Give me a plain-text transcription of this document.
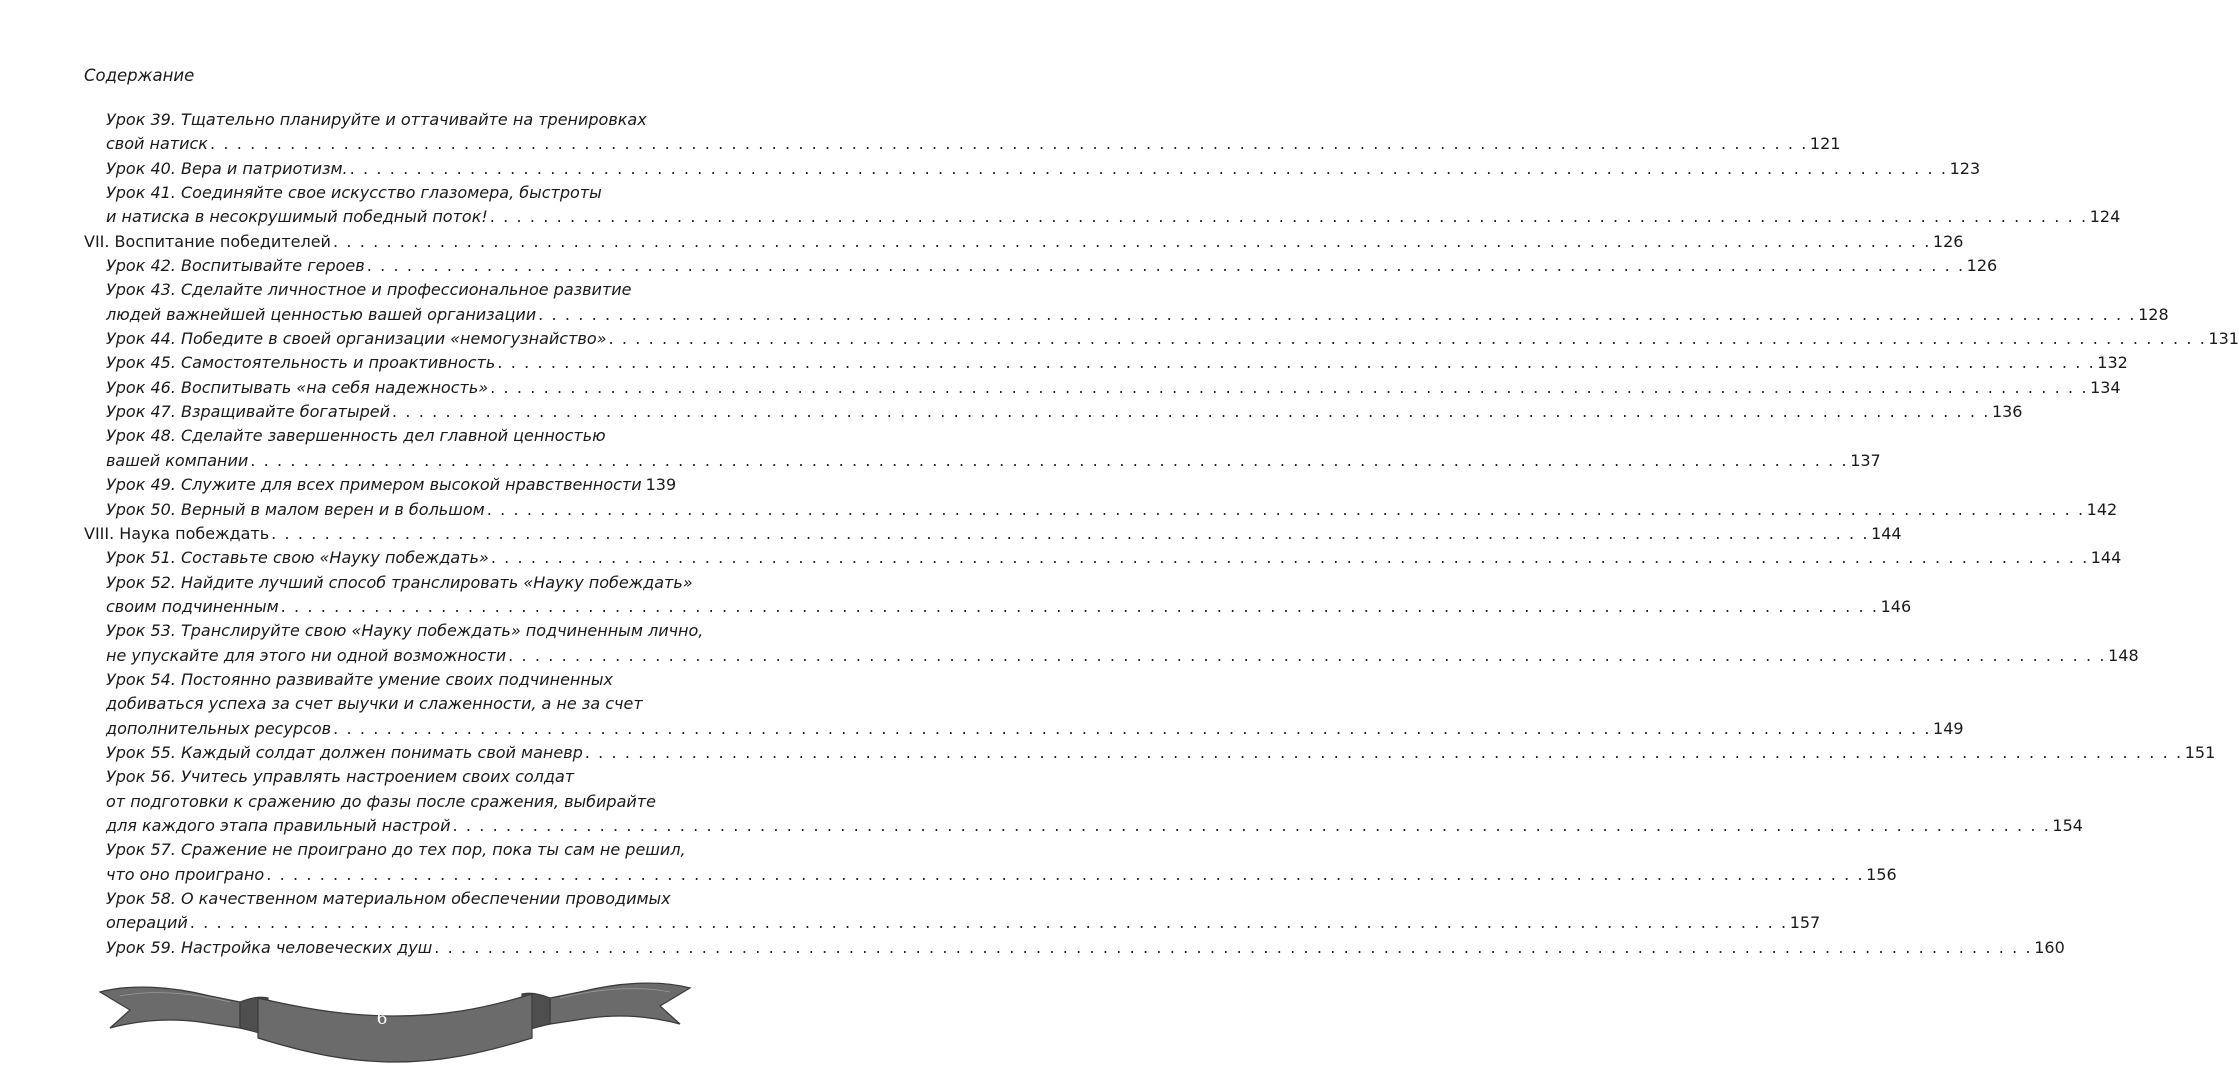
Содержание
Урок 39. Тщательно планируйте и оттачивайте на тренировках
свой натиск . . . . . . . . . . . . . . . . . . . . . . . . . . . . . . . . . . . . . . . . . . . . . . . . . . . . . . . . . . . . . . . . . . . . . . . . . . . . . . . . . . . . . . . . . . . . . . . . . . . . . . . . . . . . . . . . . . . . . . . . 121
Урок 40. Вера и патриотизм. . . . . . . . . . . . . . . . . . . . . . . . . . . . . . . . . . . . . . . . . . . . . . . . . . . . . . . . . . . . . . . . . . . . . . . . . . . . . . . . . . . . . . . . . . . . . . . . . . . . . . . . . . . . . . . . . . . . . . . . . 123
Урок 41. Соединяйте свое искусство глазомера, быстроты
и натиска в несокрушимый победный поток! . . . . . . . . . . . . . . . . . . . . . . . . . . . . . . . . . . . . . . . . . . . . . . . . . . . . . . . . . . . . . . . . . . . . . . . . . . . . . . . . . . . . . . . . . . . . . . . . . . . . . . . . . . . . . . . . . . . . . . . . 124
VII. Воспитание победителей . . . . . . . . . . . . . . . . . . . . . . . . . . . . . . . . . . . . . . . . . . . . . . . . . . . . . . . . . . . . . . . . . . . . . . . . . . . . . . . . . . . . . . . . . . . . . . . . . . . . . . . . . . . . . . . . . . . . . . . . 126
Урок 42. Воспитывайте героев . . . . . . . . . . . . . . . . . . . . . . . . . . . . . . . . . . . . . . . . . . . . . . . . . . . . . . . . . . . . . . . . . . . . . . . . . . . . . . . . . . . . . . . . . . . . . . . . . . . . . . . . . . . . . . . . . . . . . . . . 126
Урок 43. Сделайте личностное и профессиональное развитие
людей важнейшей ценностью вашей организации . . . . . . . . . . . . . . . . . . . . . . . . . . . . . . . . . . . . . . . . . . . . . . . . . . . . . . . . . . . . . . . . . . . . . . . . . . . . . . . . . . . . . . . . . . . . . . . . . . . . . . . . . . . . . . . . . . . . . . . . 128
Урок 44. Победите в своей организации «немогузнайство» . . . . . . . . . . . . . . . . . . . . . . . . . . . . . . . . . . . . . . . . . . . . . . . . . . . . . . . . . . . . . . . . . . . . . . . . . . . . . . . . . . . . . . . . . . . . . . . . . . . . . . . . . . . . . . . . . . . . . . . . 131
Урок 45. Самостоятельность и проактивность . . . . . . . . . . . . . . . . . . . . . . . . . . . . . . . . . . . . . . . . . . . . . . . . . . . . . . . . . . . . . . . . . . . . . . . . . . . . . . . . . . . . . . . . . . . . . . . . . . . . . . . . . . . . . . . . . . . . . . . . 132
Урок 46. Воспитывать «на себя надежность» . . . . . . . . . . . . . . . . . . . . . . . . . . . . . . . . . . . . . . . . . . . . . . . . . . . . . . . . . . . . . . . . . . . . . . . . . . . . . . . . . . . . . . . . . . . . . . . . . . . . . . . . . . . . . . . . . . . . . . . . 134
Урок 47. Взращивайте богатырей . . . . . . . . . . . . . . . . . . . . . . . . . . . . . . . . . . . . . . . . . . . . . . . . . . . . . . . . . . . . . . . . . . . . . . . . . . . . . . . . . . . . . . . . . . . . . . . . . . . . . . . . . . . . . . . . . . . . . . . . 136
Урок 48. Сделайте завершенность дел главной ценностью
вашей компании . . . . . . . . . . . . . . . . . . . . . . . . . . . . . . . . . . . . . . . . . . . . . . . . . . . . . . . . . . . . . . . . . . . . . . . . . . . . . . . . . . . . . . . . . . . . . . . . . . . . . . . . . . . . . . . . . . . . . . . . 137
Урок 49. Служите для всех примером высокой нравственности 139
Урок 50. Верный в малом верен и в большом . . . . . . . . . . . . . . . . . . . . . . . . . . . . . . . . . . . . . . . . . . . . . . . . . . . . . . . . . . . . . . . . . . . . . . . . . . . . . . . . . . . . . . . . . . . . . . . . . . . . . . . . . . . . . . . . . . . . . . . . 142
VIII. Наука побеждать . . . . . . . . . . . . . . . . . . . . . . . . . . . . . . . . . . . . . . . . . . . . . . . . . . . . . . . . . . . . . . . . . . . . . . . . . . . . . . . . . . . . . . . . . . . . . . . . . . . . . . . . . . . . . . . . . . . . . . . . 144
Урок 51. Составьте свою «Науку побеждать» . . . . . . . . . . . . . . . . . . . . . . . . . . . . . . . . . . . . . . . . . . . . . . . . . . . . . . . . . . . . . . . . . . . . . . . . . . . . . . . . . . . . . . . . . . . . . . . . . . . . . . . . . . . . . . . . . . . . . . . . 144
Урок 52. Найдите лучший способ транслировать «Науку побеждать»
своим подчиненным . . . . . . . . . . . . . . . . . . . . . . . . . . . . . . . . . . . . . . . . . . . . . . . . . . . . . . . . . . . . . . . . . . . . . . . . . . . . . . . . . . . . . . . . . . . . . . . . . . . . . . . . . . . . . . . . . . . . . . . . 146
Урок 53. Транслируйте свою «Науку побеждать» подчиненным лично,
не упускайте для этого ни одной возможности . . . . . . . . . . . . . . . . . . . . . . . . . . . . . . . . . . . . . . . . . . . . . . . . . . . . . . . . . . . . . . . . . . . . . . . . . . . . . . . . . . . . . . . . . . . . . . . . . . . . . . . . . . . . . . . . . . . . . . . . 148
Урок 54. Постоянно развивайте умение своих подчиненных
добиваться успеха за счет выучки и слаженности, а не за счет
дополнительных ресурсов . . . . . . . . . . . . . . . . . . . . . . . . . . . . . . . . . . . . . . . . . . . . . . . . . . . . . . . . . . . . . . . . . . . . . . . . . . . . . . . . . . . . . . . . . . . . . . . . . . . . . . . . . . . . . . . . . . . . . . . . 149
Урок 55. Каждый солдат должен понимать свой маневр . . . . . . . . . . . . . . . . . . . . . . . . . . . . . . . . . . . . . . . . . . . . . . . . . . . . . . . . . . . . . . . . . . . . . . . . . . . . . . . . . . . . . . . . . . . . . . . . . . . . . . . . . . . . . . . . . . . . . . . . 151
Урок 56. Учитесь управлять настроением своих солдат
от подготовки к сражению до фазы после сражения, выбирайте
для каждого этапа правильный настрой . . . . . . . . . . . . . . . . . . . . . . . . . . . . . . . . . . . . . . . . . . . . . . . . . . . . . . . . . . . . . . . . . . . . . . . . . . . . . . . . . . . . . . . . . . . . . . . . . . . . . . . . . . . . . . . . . . . . . . . . 154
Урок 57. Сражение не проиграно до тех пор, пока ты сам не решил,
что оно проиграно . . . . . . . . . . . . . . . . . . . . . . . . . . . . . . . . . . . . . . . . . . . . . . . . . . . . . . . . . . . . . . . . . . . . . . . . . . . . . . . . . . . . . . . . . . . . . . . . . . . . . . . . . . . . . . . . . . . . . . . . 156
Урок 58. О качественном материальном обеспечении проводимых
операций . . . . . . . . . . . . . . . . . . . . . . . . . . . . . . . . . . . . . . . . . . . . . . . . . . . . . . . . . . . . . . . . . . . . . . . . . . . . . . . . . . . . . . . . . . . . . . . . . . . . . . . . . . . . . . . . . . . . . . . . 157
Урок 59. Настройка человеческих душ . . . . . . . . . . . . . . . . . . . . . . . . . . . . . . . . . . . . . . . . . . . . . . . . . . . . . . . . . . . . . . . . . . . . . . . . . . . . . . . . . . . . . . . . . . . . . . . . . . . . . . . . . . . . . . . . . . . . . . . . 160
6
